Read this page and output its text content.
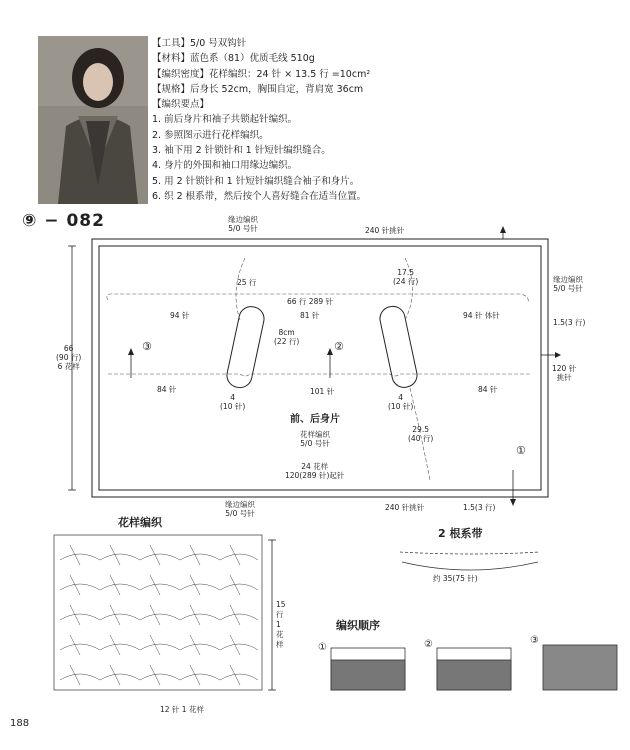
【工具】5/0 号双钩针
【材料】蓝色系（81）优质毛线 510g
【编织密度】花样编织：24 针 × 13.5 行 =10cm²
【规格】后身长 52cm，胸围自定，背肩宽 36cm
【编织要点】
1. 前后身片和袖子共锁起针编织。
2. 参照图示进行花样编织。
3. 袖下用 2 针锁针和 1 针短针编织缝合。
4. 身片的外围和袖口用缘边编织。
5. 用 2 针锁针和 1 针短针编织缝合袖子和身片。
6. 织 2 根系带，然后按个人喜好缝合在适当位置。
⑨ − 082	缘边编织
5/0 号针	240 针挑针
缘边编织
5/0 号针
25 行
17.5
(24 行)
66 行 289 针
94 针	81 针	94 针 体针
1.5(3 行)
8cm
(22 行)
66
(90 行)
6 花样
③	②
120 针
挑针
84 针	101 针	84 针
4
(10 针)
4
(10 针)
前、后身片
花样编织
5/0 号针
29.5
(40 行)
①
24 花样
120(289 针)起针
缘边编织
5/0 号针
240 针挑针	1.5(3 行)
花样编织
15 行1 花样
12 针 1 花样
2 根系带
约 35(75 针)
编织顺序
①	②	③
188
